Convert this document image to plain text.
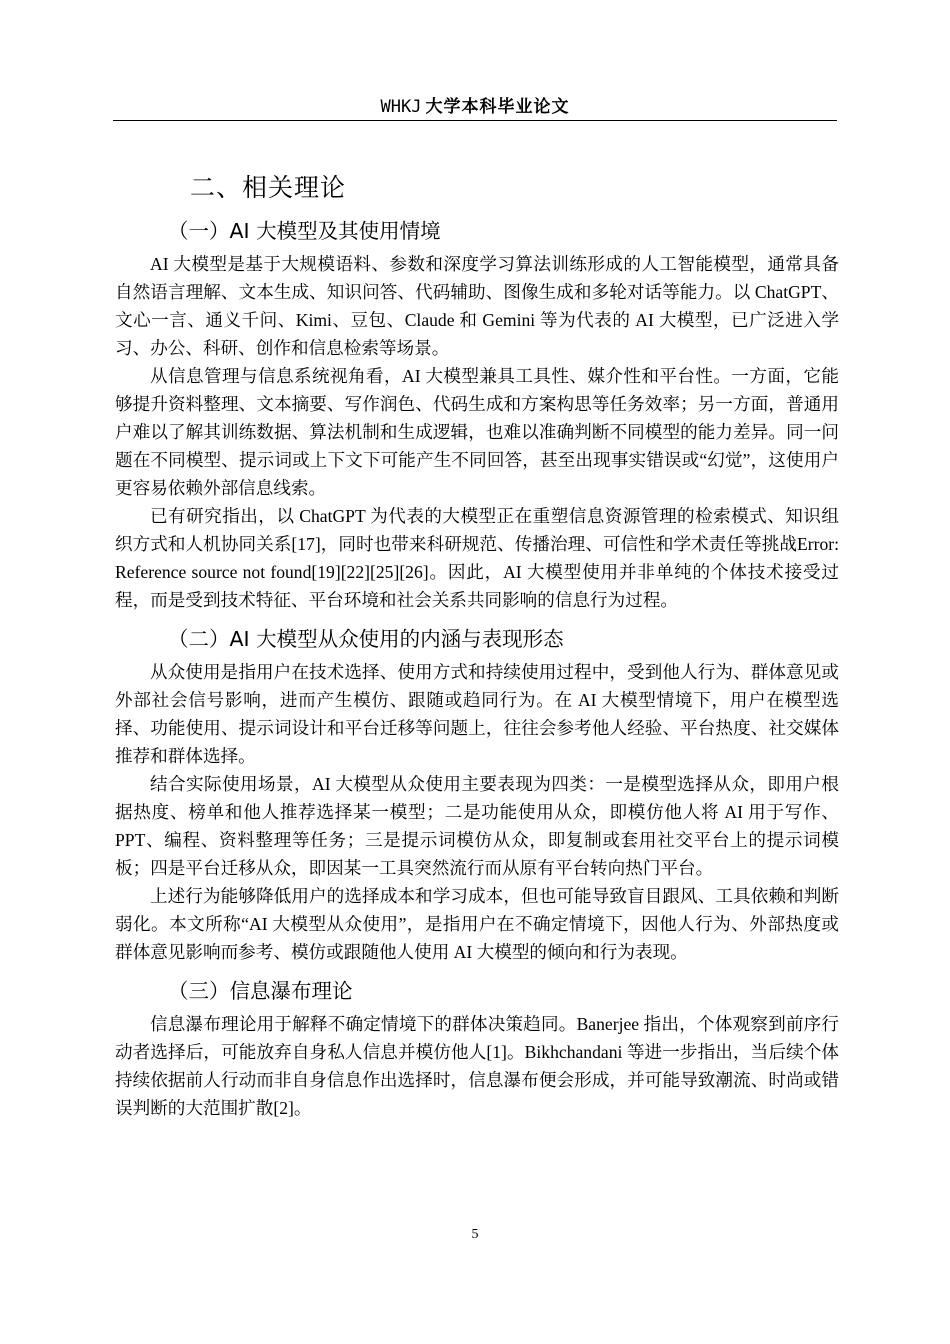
WHKJ 大学本科毕业论文
二、相关理论
（一）AI 大模型及其使用情境

AI 大模型是基于大规模语料、参数和深度学习算法训练形成的人工智能模型，通常具备自然语言理解、文本生成、知识问答、代码辅助、图像生成和多轮对话等能力。以 ChatGPT、文心一言、通义千问、Kimi、豆包、Claude 和 Gemini 等为代表的 AI 大模型，已广泛进入学习、办公、科研、创作和信息检索等场景。

从信息管理与信息系统视角看，AI 大模型兼具工具性、媒介性和平台性。一方面，它能够提升资料整理、文本摘要、写作润色、代码生成和方案构思等任务效率；另一方面，普通用户难以了解其训练数据、算法机制和生成逻辑，也难以准确判断不同模型的能力差异。同一问题在不同模型、提示词或上下文下可能产生不同回答，甚至出现事实错误或“幻觉”，这使用户更容易依赖外部信息线索。

已有研究指出，以 ChatGPT 为代表的大模型正在重塑信息资源管理的检索模式、知识组织方式和人机协同关系[17]，同时也带来科研规范、传播治理、可信性和学术责任等挑战Error: Reference source not found[19][22][25][26]。因此，AI 大模型使用并非单纯的个体技术接受过程，而是受到技术特征、平台环境和社会关系共同影响的信息行为过程。

（二）AI 大模型从众使用的内涵与表现形态

从众使用是指用户在技术选择、使用方式和持续使用过程中，受到他人行为、群体意见或外部社会信号影响，进而产生模仿、跟随或趋同行为。在 AI 大模型情境下，用户在模型选择、功能使用、提示词设计和平台迁移等问题上，往往会参考他人经验、平台热度、社交媒体推荐和群体选择。

结合实际使用场景，AI 大模型从众使用主要表现为四类：一是模型选择从众，即用户根据热度、榜单和他人推荐选择某一模型；二是功能使用从众，即模仿他人将 AI 用于写作、PPT、编程、资料整理等任务；三是提示词模仿从众，即复制或套用社交平台上的提示词模板；四是平台迁移从众，即因某一工具突然流行而从原有平台转向热门平台。

上述行为能够降低用户的选择成本和学习成本，但也可能导致盲目跟风、工具依赖和判断弱化。本文所称“AI 大模型从众使用”，是指用户在不确定情境下，因他人行为、外部热度或群体意见影响而参考、模仿或跟随他人使用 AI 大模型的倾向和行为表现。

（三）信息瀑布理论

信息瀑布理论用于解释不确定情境下的群体决策趋同。Banerjee 指出，个体观察到前序行动者选择后，可能放弃自身私人信息并模仿他人[1]。Bikhchandani 等进一步指出，当后续个体持续依据前人行动而非自身信息作出选择时，信息瀑布便会形成，并可能导致潮流、时尚或错误判断的大范围扩散[2]。

5
